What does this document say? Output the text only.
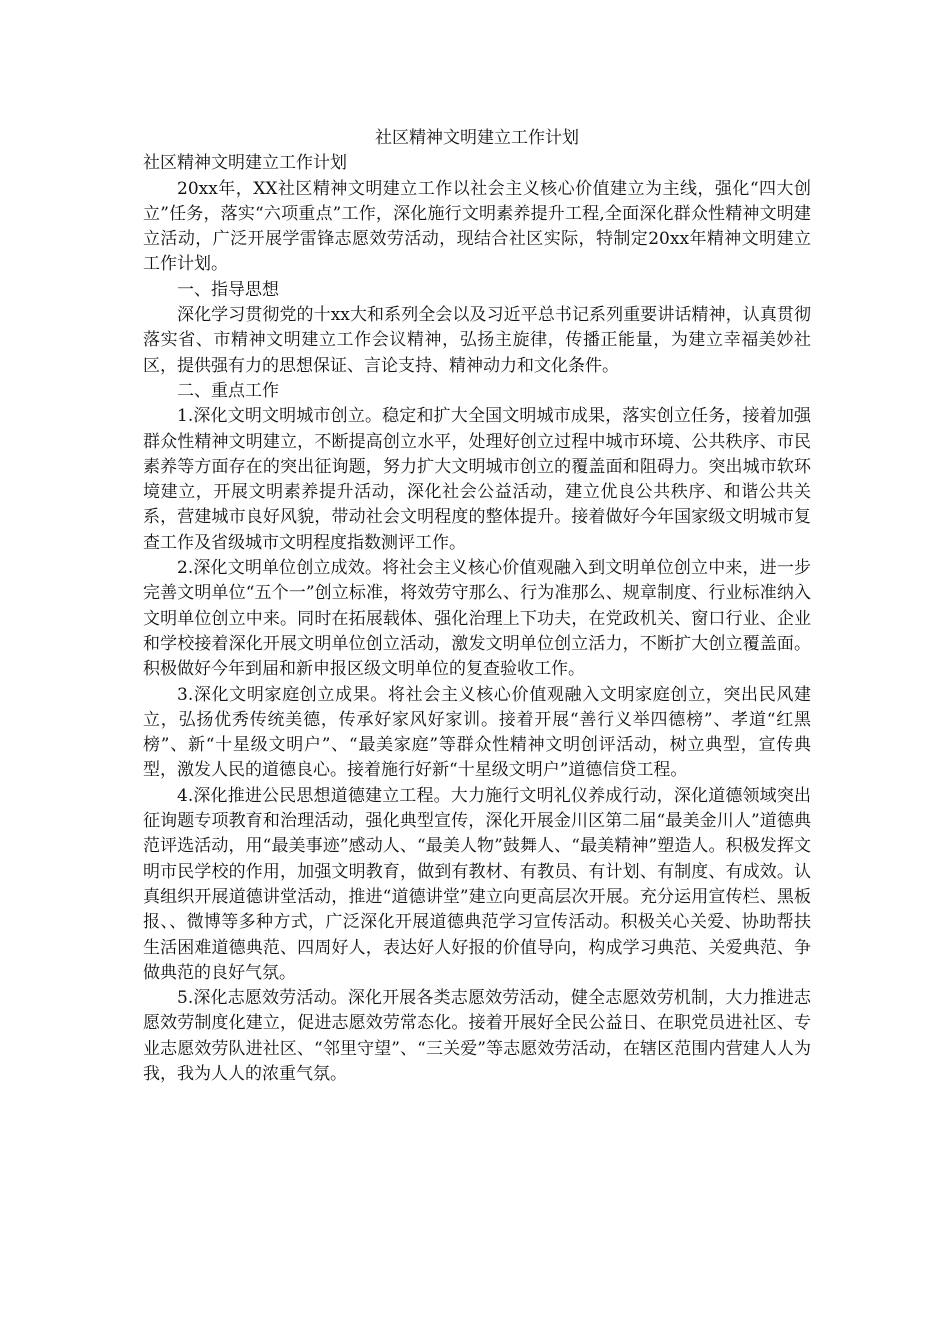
社区精神文明建立工作计划

社区精神文明建立工作计划

20xx年，XX社区精神文明建立工作以社会主义核心价值建立为主线，强化“四大创立”任务，落实“六项重点”工作，深化施行文明素养提升工程,全面深化群众性精神文明建立活动，广泛开展学雷锋志愿效劳活动，现结合社区实际，特制定20xx年精神文明建立工作计划。

一、指导思想

深化学习贯彻党的十xx大和系列全会以及习近平总书记系列重要讲话精神，认真贯彻落实省、市精神文明建立工作会议精神，弘扬主旋律，传播正能量，为建立幸福美妙社区，提供强有力的思想保证、言论支持、精神动力和文化条件。

二、重点工作

1.深化文明文明城市创立。稳定和扩大全国文明城市成果，落实创立任务，接着加强群众性精神文明建立，不断提高创立水平，处理好创立过程中城市环境、公共秩序、市民素养等方面存在的突出征询题，努力扩大文明城市创立的覆盖面和阻碍力。突出城市软环境建立，开展文明素养提升活动，深化社会公益活动，建立优良公共秩序、和谐公共关系，营建城市良好风貌，带动社会文明程度的整体提升。接着做好今年国家级文明城市复查工作及省级城市文明程度指数测评工作。

2.深化文明单位创立成效。将社会主义核心价值观融入到文明单位创立中来，进一步完善文明单位“五个一”创立标准，将效劳守那么、行为准那么、规章制度、行业标准纳入文明单位创立中来。同时在拓展载体、强化治理上下功夫，在党政机关、窗口行业、企业和学校接着深化开展文明单位创立活动，激发文明单位创立活力，不断扩大创立覆盖面。积极做好今年到届和新申报区级文明单位的复查验收工作。

3.深化文明家庭创立成果。将社会主义核心价值观融入文明家庭创立，突出民风建立，弘扬优秀传统美德，传承好家风好家训。接着开展“善行义举四德榜”、孝道“红黑榜”、新“十星级文明户”、“最美家庭”等群众性精神文明创评活动，树立典型，宣传典型，激发人民的道德良心。接着施行好新“十星级文明户”道德信贷工程。

4.深化推进公民思想道德建立工程。大力施行文明礼仪养成行动，深化道德领域突出征询题专项教育和治理活动，强化典型宣传，深化开展金川区第二届“最美金川人”道德典范评选活动，用“最美事迹”感动人、“最美人物”鼓舞人、“最美精神”塑造人。积极发挥文明市民学校的作用，加强文明教育，做到有教材、有教员、有计划、有制度、有成效。认真组织开展道德讲堂活动，推进“道德讲堂”建立向更高层次开展。充分运用宣传栏、黑板报、、微博等多种方式，广泛深化开展道德典范学习宣传活动。积极关心关爱、协助帮扶生活困难道德典范、四周好人，表达好人好报的价值导向，构成学习典范、关爱典范、争做典范的良好气氛。

5.深化志愿效劳活动。深化开展各类志愿效劳活动，健全志愿效劳机制，大力推进志愿效劳制度化建立，促进志愿效劳常态化。接着开展好全民公益日、在职党员进社区、专业志愿效劳队进社区、“邻里守望”、“三关爱”等志愿效劳活动，在辖区范围内营建人人为我，我为人人的浓重气氛。
